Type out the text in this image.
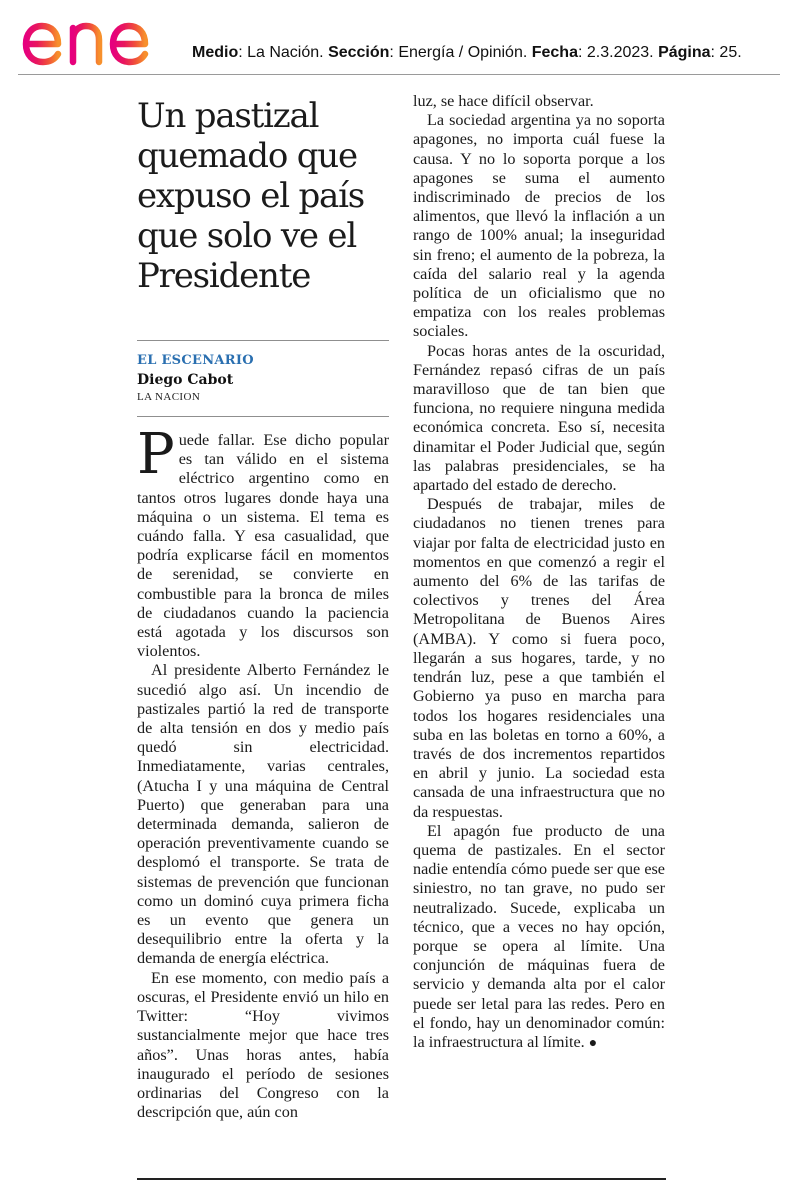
Medio: La Nación. Sección: Energía / Opinión. Fecha: 2.3.2023. Página: 25.
Un pastizal quemado que expuso el país que solo ve el Presidente

EL ESCENARIO

Diego Cabot

LA NACION

Puede fallar. Ese dicho popular es tan válido en el sistema eléctrico argentino como en tantos otros lugares donde haya una máquina o un sistema. El tema es cuándo falla. Y esa casualidad, que podría explicarse fácil en momentos de serenidad, se convierte en combustible para la bronca de miles de ciudadanos cuando la paciencia está agotada y los discursos son violentos.

Al presidente Alberto Fernández le sucedió algo así. Un incendio de pastizales partió la red de transporte de alta tensión en dos y medio país quedó sin electricidad. Inmediatamente, varias centrales, (Atucha I y una máquina de Central Puerto) que generaban para una determinada demanda, salieron de operación preventivamente cuando se desplomó el transporte. Se trata de sistemas de prevención que funcionan como un dominó cuya primera ficha es un evento que genera un desequilibrio entre la oferta y la demanda de energía eléctrica.

En ese momento, con medio país a oscuras, el Presidente envió un hilo en Twitter: “Hoy vivimos sustancialmente mejor que hace tres años”. Unas horas antes, había inaugurado el período de sesiones ordinarias del Congreso con la descripción que, aún con

luz, se hace difícil observar.

La sociedad argentina ya no soporta apagones, no importa cuál fuese la causa. Y no lo soporta porque a los apagones se suma el aumento indiscriminado de precios de los alimentos, que llevó la inflación a un rango de 100% anual; la inseguridad sin freno; el aumento de la pobreza, la caída del salario real y la agenda política de un oficialismo que no empatiza con los reales problemas sociales.

Pocas horas antes de la oscuridad, Fernández repasó cifras de un país maravilloso que de tan bien que funciona, no requiere ninguna medida económica concreta. Eso sí, necesita dinamitar el Poder Judicial que, según las palabras presidenciales, se ha apartado del estado de derecho.

Después de trabajar, miles de ciudadanos no tienen trenes para viajar por falta de electricidad justo en momentos en que comenzó a regir el aumento del 6% de las tarifas de colectivos y trenes del Área Metropolitana de Buenos Aires (AMBA). Y como si fuera poco, llegarán a sus hogares, tarde, y no tendrán luz, pese a que también el Gobierno ya puso en marcha para todos los hogares residenciales una suba en las boletas en torno a 60%, a través de dos incrementos repartidos en abril y junio. La sociedad esta cansada de una infraestructura que no da respuestas.

El apagón fue producto de una quema de pastizales. En el sector nadie entendía cómo puede ser que ese siniestro, no tan grave, no pudo ser neutralizado. Sucede, explicaba un técnico, que a veces no hay opción, porque se opera al límite. Una conjunción de máquinas fuera de servicio y demanda alta por el calor puede ser letal para las redes. Pero en el fondo, hay un denominador común: la infraestructura al límite. ●
